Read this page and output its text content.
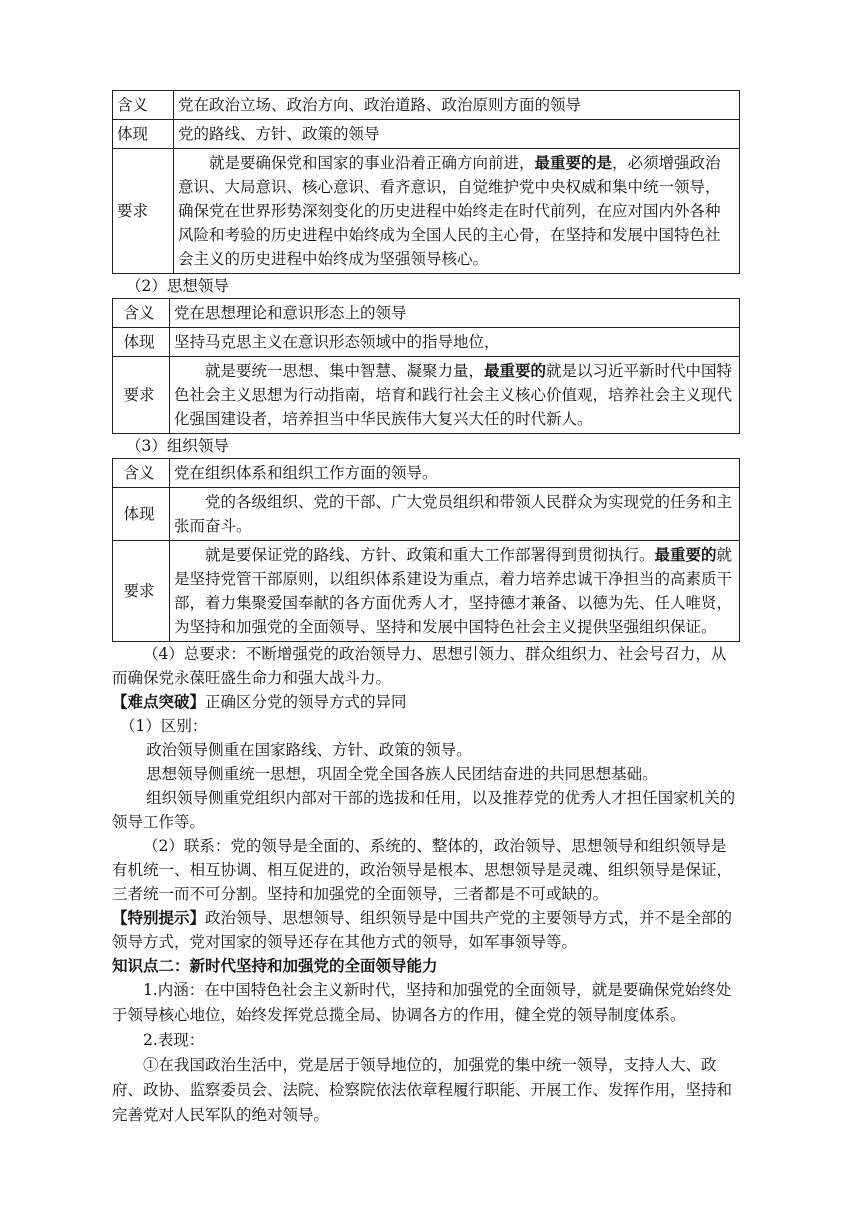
含义	党在政治立场、政治方向、政治道路、政治原则方面的领导
体现	党的路线、方针、政策的领导
要求	就是要确保党和国家的事业沿着正确方向前进，最重要的是，必须增强政治意识、大局意识、核心意识、看齐意识，自觉维护党中央权威和集中统一领导，确保党在世界形势深刻变化的历史进程中始终走在时代前列，在应对国内外各种风险和考验的历史进程中始终成为全国人民的主心骨，在坚持和发展中国特色社会主义的历史进程中始终成为坚强领导核心。
（2）思想领导
含义	党在思想理论和意识形态上的领导
体现	坚持马克思主义在意识形态领域中的指导地位，
要求	就是要统一思想、集中智慧、凝聚力量，最重要的就是以习近平新时代中国特色社会主义思想为行动指南，培育和践行社会主义核心价值观，培养社会主义现代化强国建设者，培养担当中华民族伟大复兴大任的时代新人。
（3）组织领导
含义	党在组织体系和组织工作方面的领导。
体现	党的各级组织、党的干部、广大党员组织和带领人民群众为实现党的任务和主张而奋斗。
要求	就是要保证党的路线、方针、政策和重大工作部署得到贯彻执行。最重要的就是坚持党管干部原则，以组织体系建设为重点，着力培养忠诚干净担当的高素质干部，着力集聚爱国奉献的各方面优秀人才，坚持德才兼备、以德为先、任人唯贤，为坚持和加强党的全面领导、坚持和发展中国特色社会主义提供坚强组织保证。

（4）总要求：不断增强党的政治领导力、思想引领力、群众组织力、社会号召力，从而确保党永葆旺盛生命力和强大战斗力。

【难点突破】正确区分党的领导方式的异同

（1）区别：

政治领导侧重在国家路线、方针、政策的领导。

思想领导侧重统一思想，巩固全党全国各族人民团结奋进的共同思想基础。

组织领导侧重党组织内部对干部的选拔和任用，以及推荐党的优秀人才担任国家机关的领导工作等。

（2）联系：党的领导是全面的、系统的、整体的，政治领导、思想领导和组织领导是有机统一、相互协调、相互促进的，政治领导是根本、思想领导是灵魂、组织领导是保证，三者统一而不可分割。坚持和加强党的全面领导，三者都是不可或缺的。

【特别提示】政治领导、思想领导、组织领导是中国共产党的主要领导方式，并不是全部的领导方式，党对国家的领导还存在其他方式的领导，如军事领导等。

知识点二：新时代坚持和加强党的全面领导能力

1.内涵：在中国特色社会主义新时代，坚持和加强党的全面领导，就是要确保党始终处于领导核心地位，始终发挥党总揽全局、协调各方的作用，健全党的领导制度体系。

2.表现：

①在我国政治生活中，党是居于领导地位的，加强党的集中统一领导，支持人大、政府、政协、监察委员会、法院、检察院依法依章程履行职能、开展工作、发挥作用，坚持和完善党对人民军队的绝对领导。
